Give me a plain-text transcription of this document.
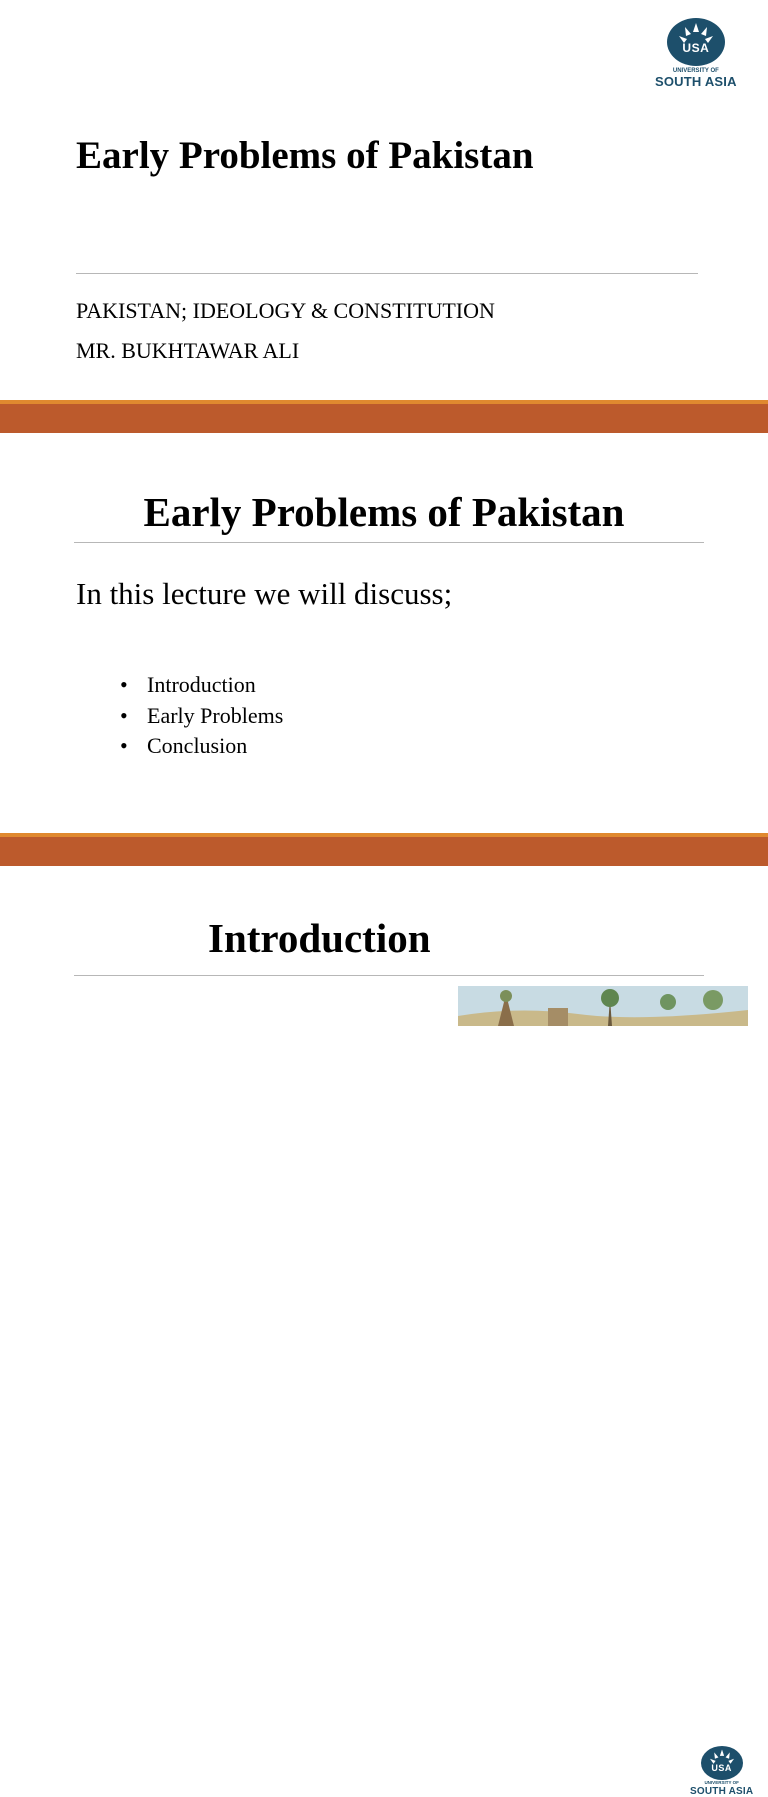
USA
UNIVERSITY OF
SOUTH ASIA
Early Problems of Pakistan

PAKISTAN; IDEOLOGY & CONSTITUTION

MR. BUKHTAWAR ALI

Early Problems of Pakistan

In this lecture we will discuss;

• Introduction
• Early Problems
• Conclusion
USA
UNIVERSITY OF
SOUTH ASIA
Introduction
